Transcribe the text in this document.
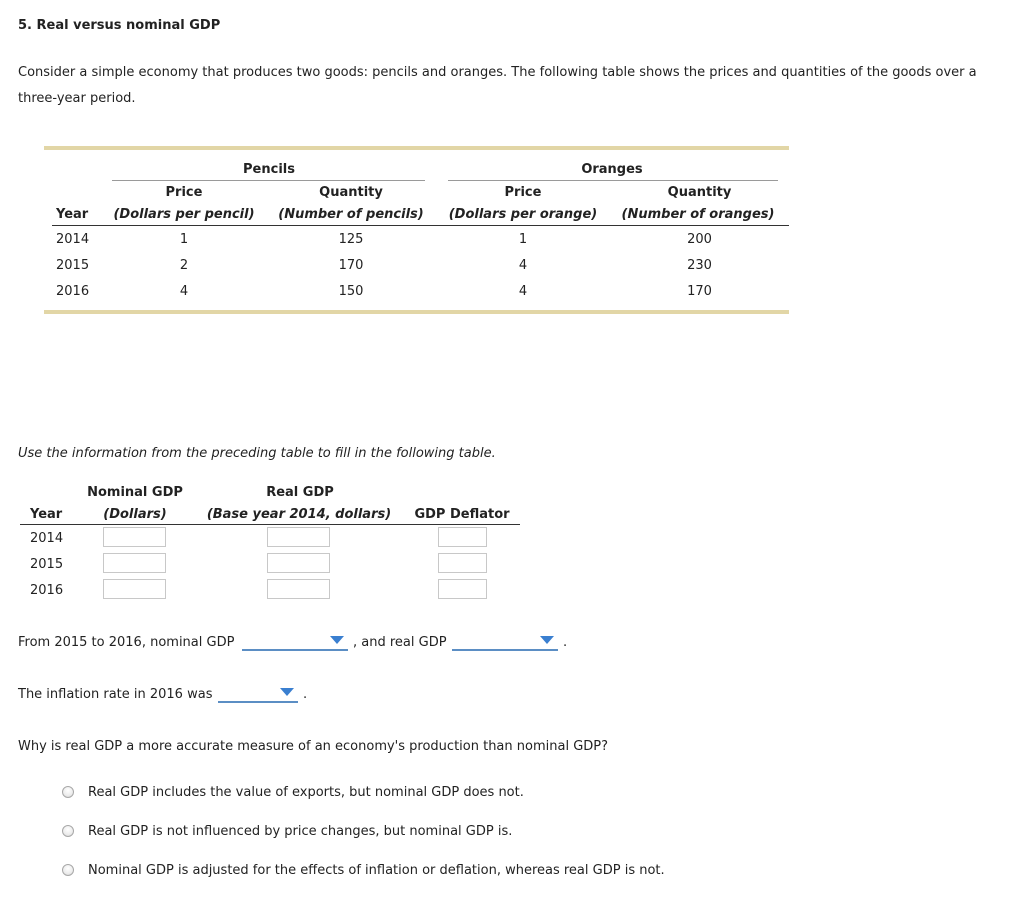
5. Real versus nominal GDP
Consider a simple economy that produces two goods: pencils and oranges. The following table shows the prices and quantities of the goods over a three-year period.
Pencils	Oranges
Price	Quantity	Price	Quantity
Year (Dollars per pencil) (Number of pencils) (Dollars per orange) (Number of oranges)
2014	1	125	1	200
2015	2	170	4	230
2016	4	150	4	170
Use the information from the preceding table to fill in the following table.
Nominal GDP	Real GDP
Year	(Dollars)	(Base year 2014, dollars)	GDP Deflator
2014
2015
2016
From 2015 to 2016, nominal GDP	, and real GDP	.
The inflation rate in 2016 was	.
Why is real GDP a more accurate measure of an economy's production than nominal GDP?
Real GDP includes the value of exports, but nominal GDP does not.
Real GDP is not influenced by price changes, but nominal GDP is.
Nominal GDP is adjusted for the effects of inflation or deflation, whereas real GDP is not.
